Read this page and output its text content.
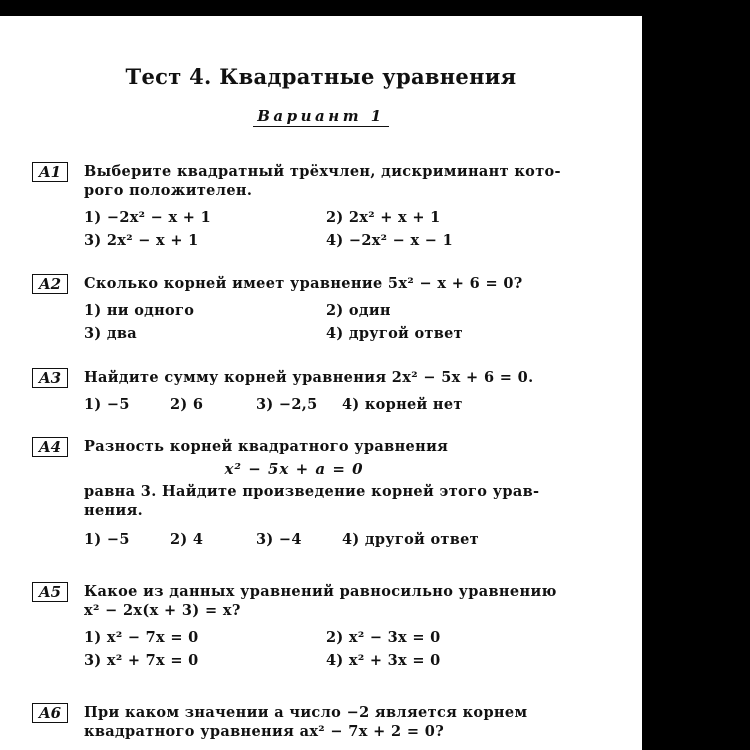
Тест 4. Квадратные уравнения
Вариант 1
A1	Выберите квадратный трёхчлен, дискриминант кото-
рого положителен.
1) −2x² − x + 1	2) 2x² + x + 1
3) 2x² − x + 1	4) −2x² − x − 1
A2	Сколько корней имеет уравнение 5x² − x + 6 = 0?
1) ни одного	2) один
3) два	4) другой ответ
A3	Найдите сумму корней уравнения 2x² − 5x + 6 = 0.
1) −5	2) 6	3) −2,5	4) корней нет
A4	Разность корней квадратного уравнения
x² − 5x + a = 0
равна 3. Найдите произведение корней этого урав-
нения.
1) −5	2) 4	3) −4	4) другой ответ
A5	Какое из данных уравнений равносильно уравнению
x² − 2x(x + 3) = x?
1) x² − 7x = 0	2) x² − 3x = 0
3) x² + 7x = 0	4) x² + 3x = 0
A6	При каком значении a число −2 является корнем
квадратного уравнения ax² − 7x + 2 = 0?
